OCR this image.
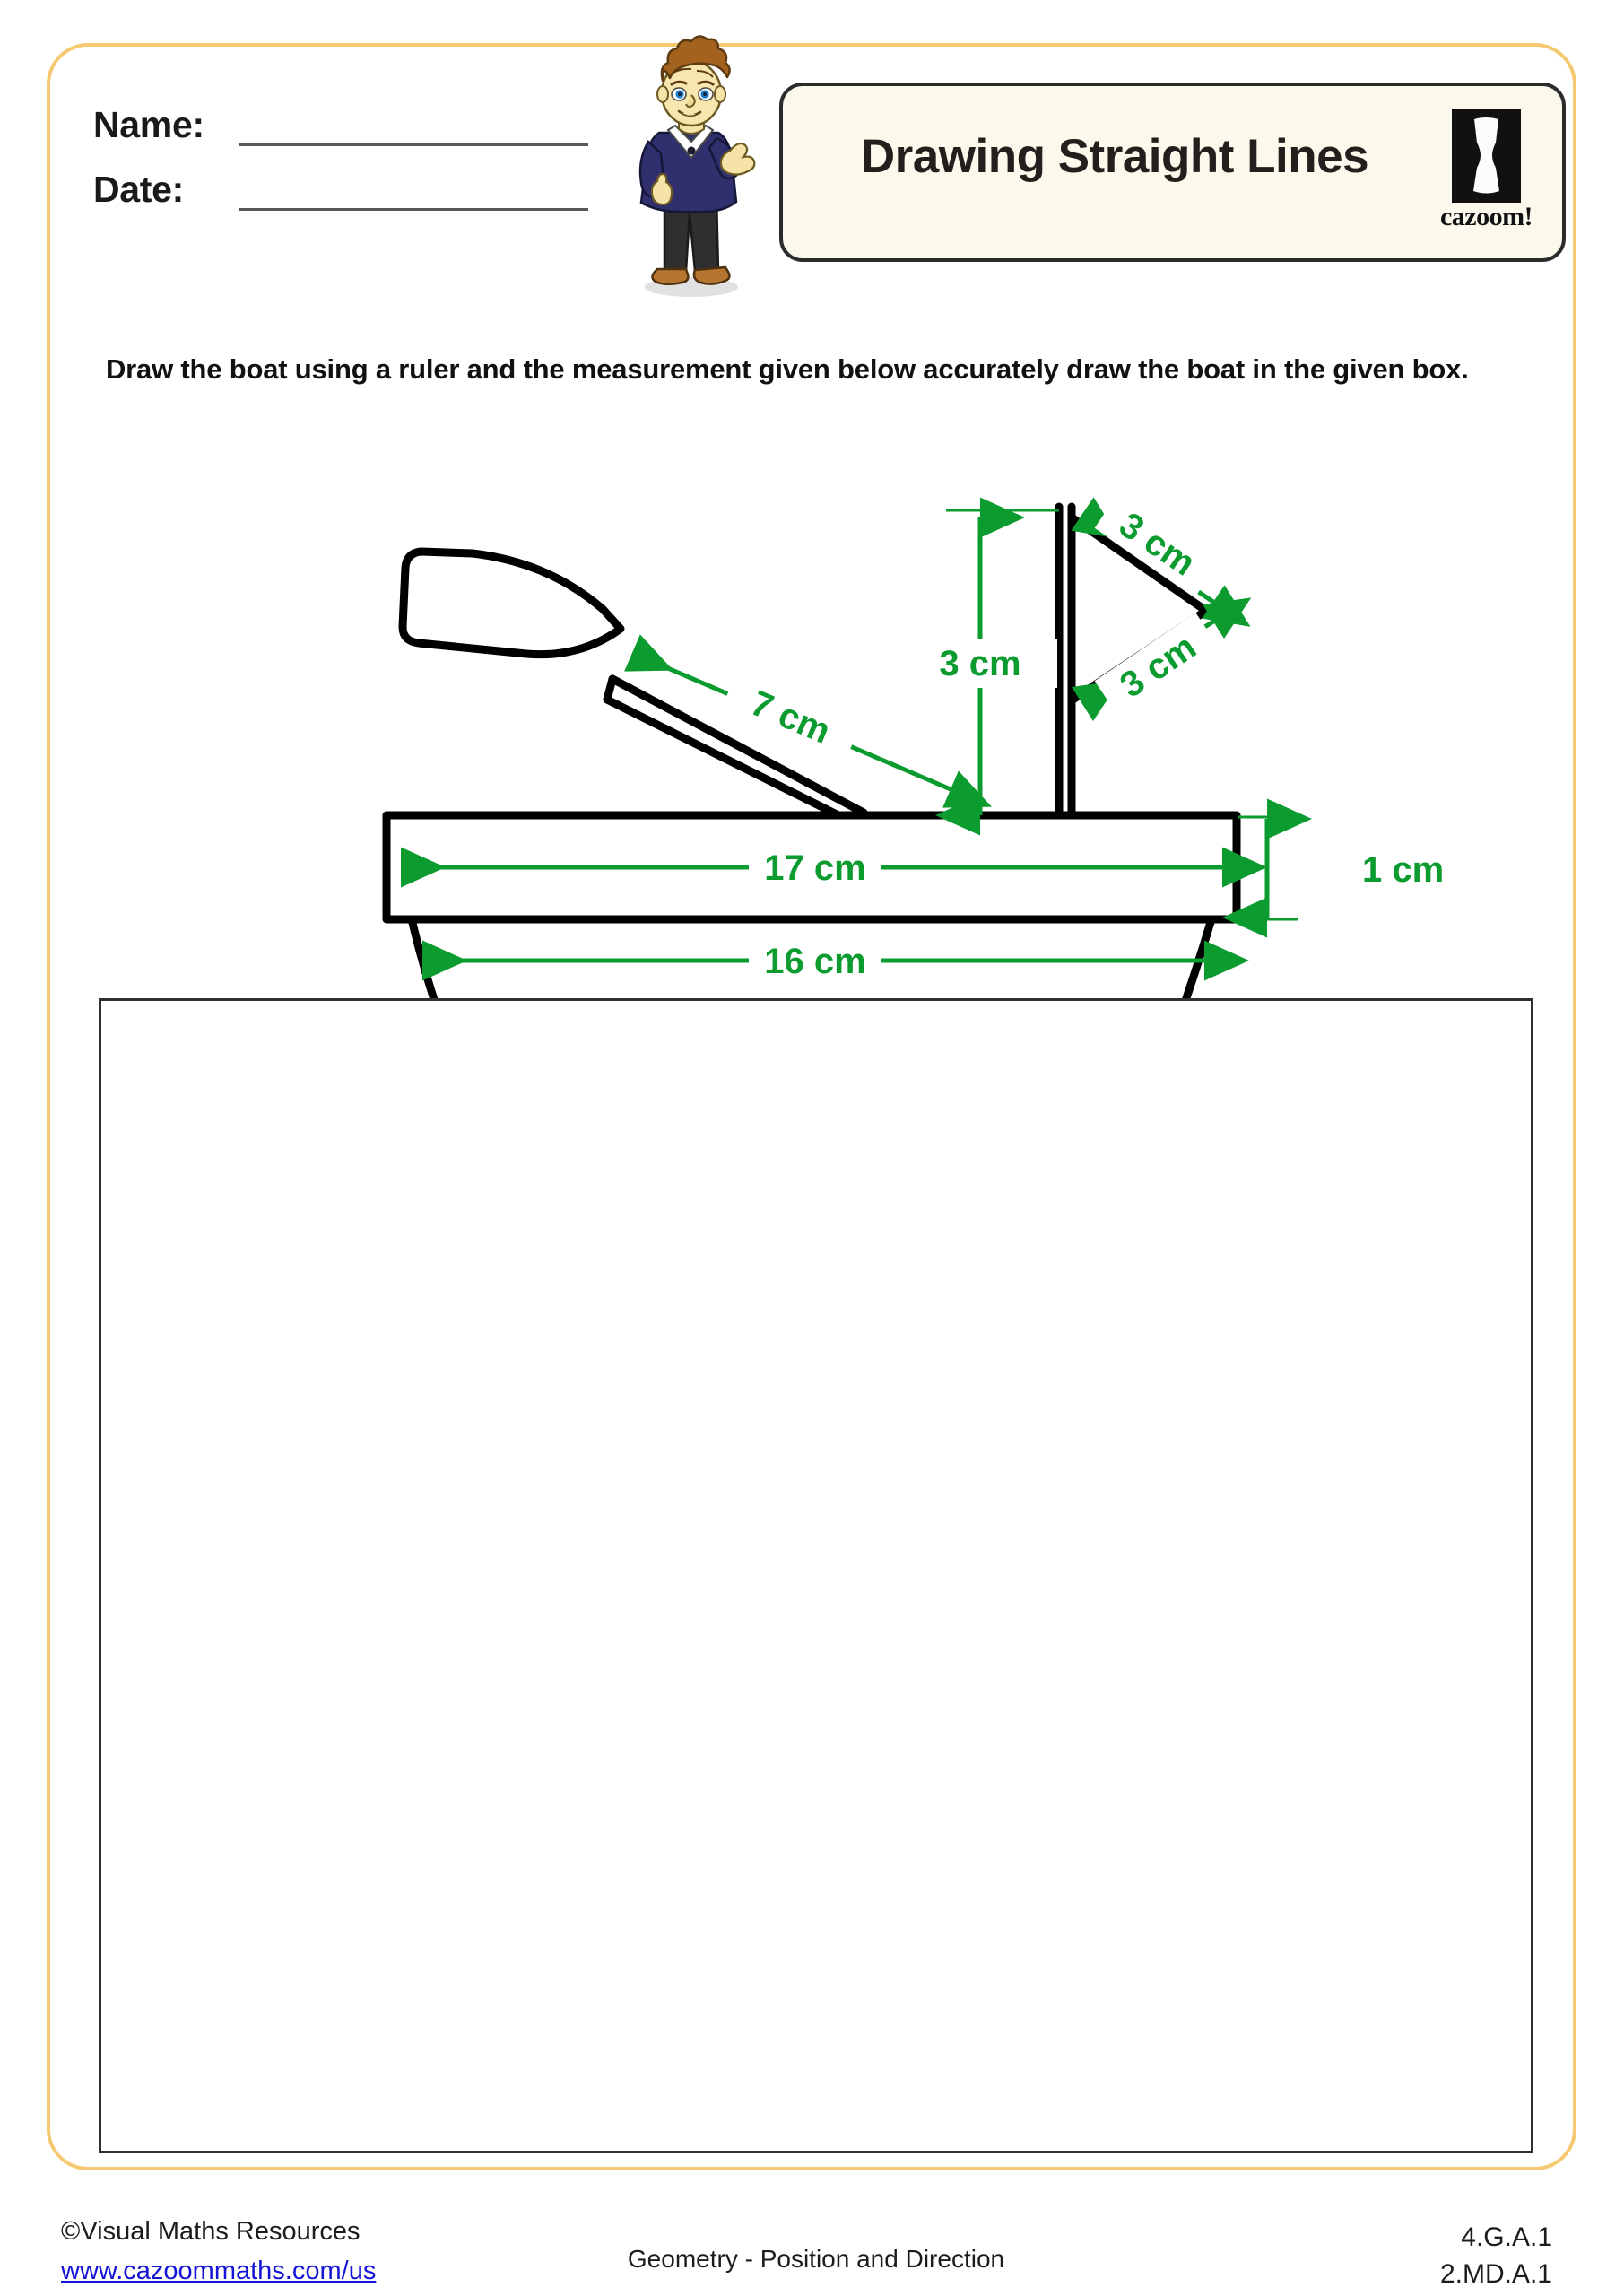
Name:
Date:
Drawing Straight Lines
cazoom!
Draw the boat using a ruler and the measurement given below accurately draw the boat in the given box.
7 cm
3 cm
3 cm
3 cm
17 cm	1 cm
16 cm
©Visual Maths Resources
www.cazoommaths.com/us	Geometry - Position and Direction
4.G.A.1
2.MD.A.1
